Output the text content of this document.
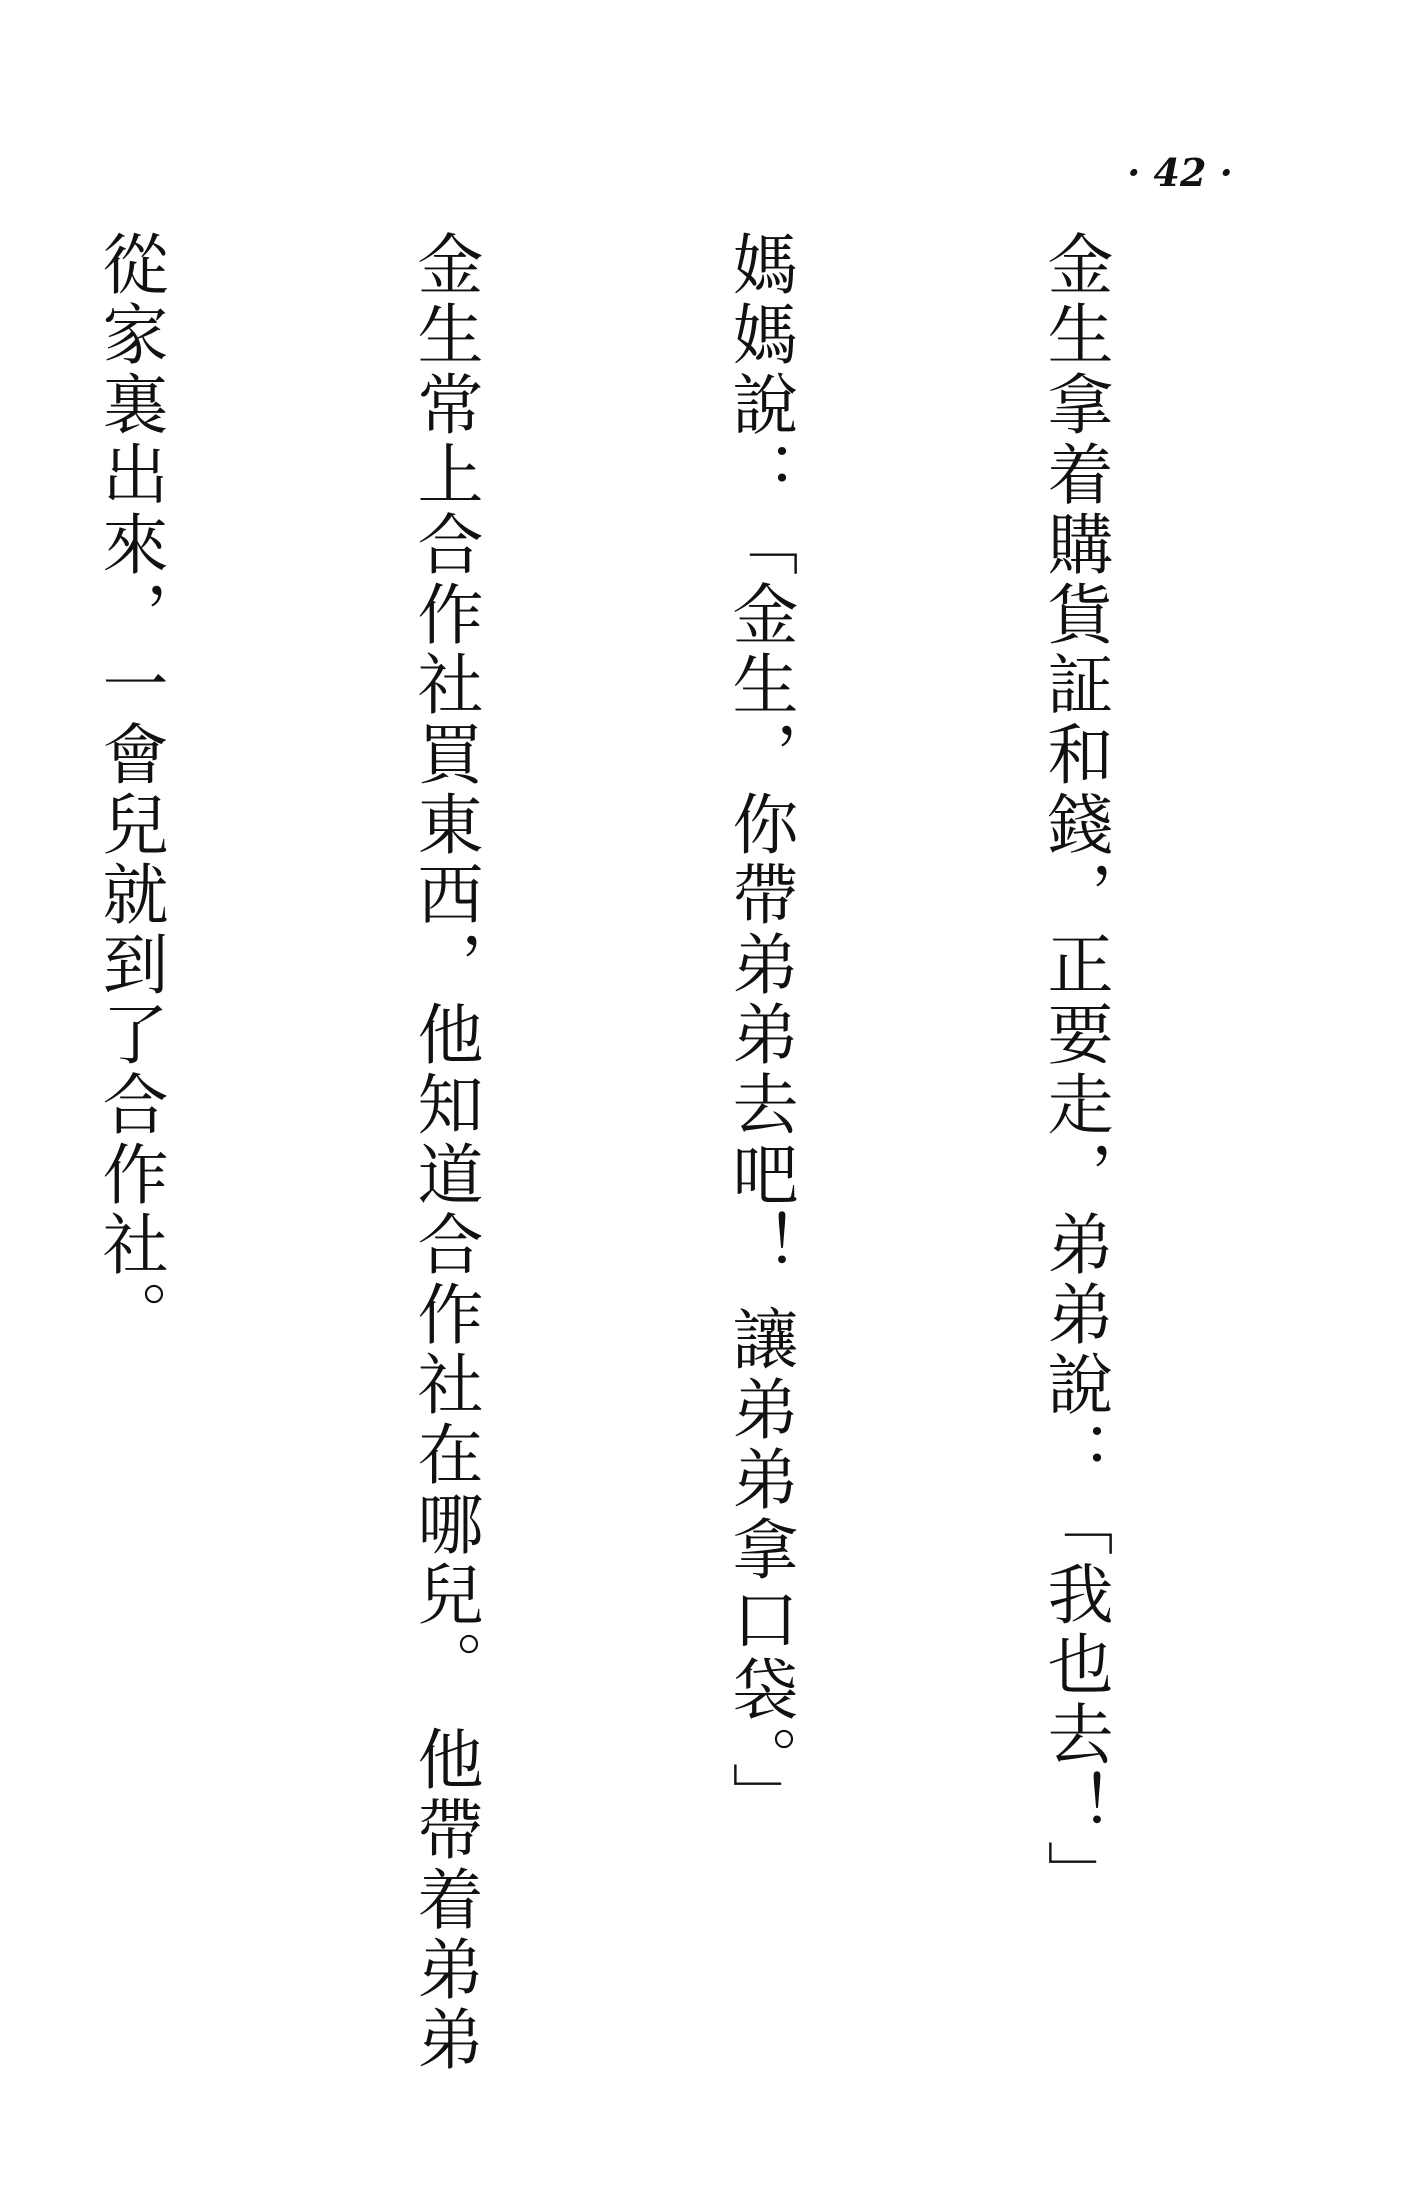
· 42 ·

金生拿着購貨証和錢，正要走，弟弟說：「我也去！」

媽媽說：「金生，你帶弟弟去吧！ 讓弟弟拿口袋。」

金生常上合作社買東西，他知道合作社在哪兒。 他帶着弟弟

從家裏出來，一會兒就到了合作社。
